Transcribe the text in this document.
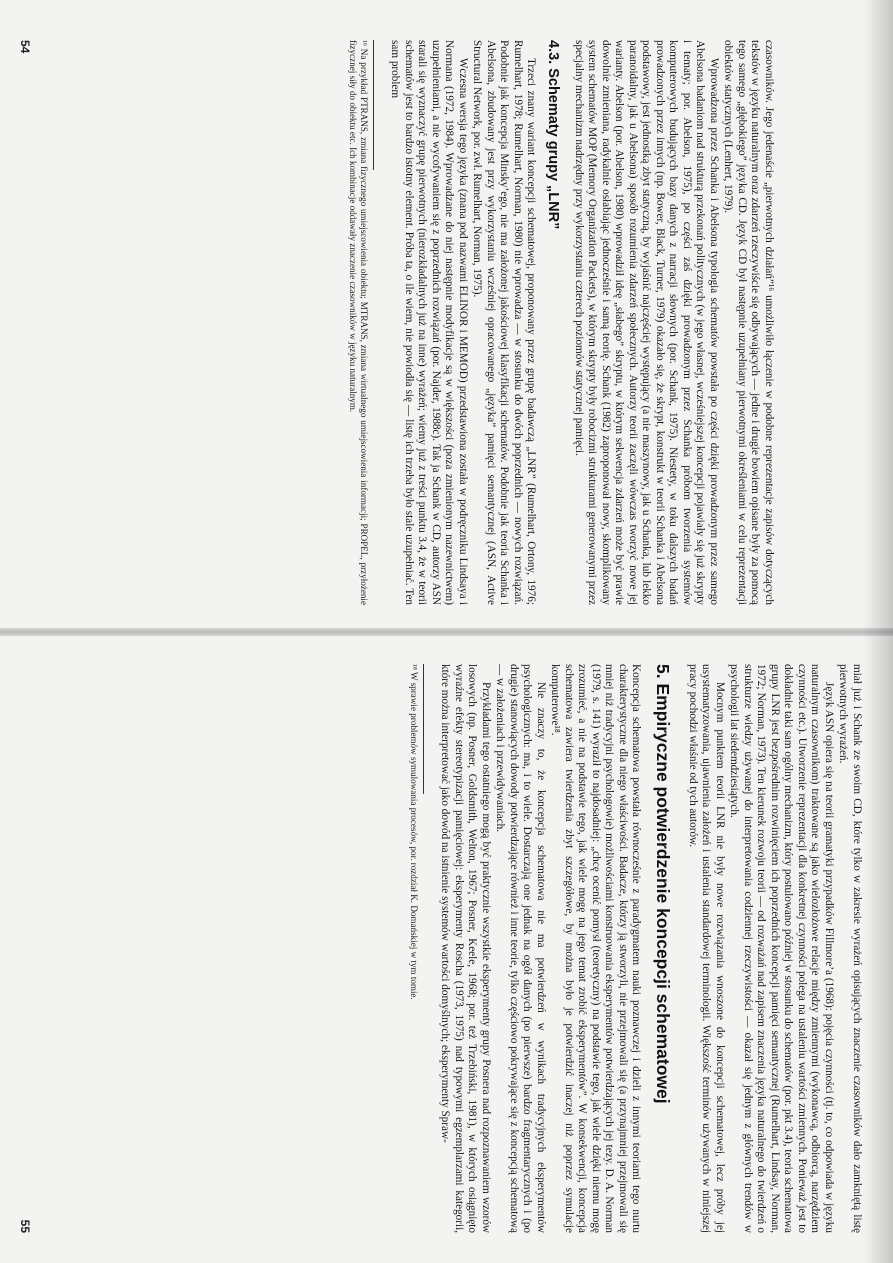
czasowników. Jego jedenaście „pierwotnych działań”¹⁶ umożliwiło łączenie w podobne reprezentacje zapisów dotyczących tekstów w języku naturalnym oraz zdarzeń rzeczywiście się odbywających — jedne i drugie bowiem opisane były za pomocą tego samego „głębokiego” języka CD. Język CD był następnie uzupełniany pierwotnymi określeniami w celu reprezentacji obiektów statycznych (Lenhert, 1979).

Wprowadzona przez Schanka i Abelsona typologia schematów powstała po części dzięki prowadzonym przez samego Abelsona badaniom nad strukturą przekonań politycznych (w jego własnej, wcześniejszej koncepcji pojawiały się już skrypty i tematy; por. Abelson, 1975), po części zaś dzięki prowadzonym przez Schanka próbom tworzenia systemów komputerowych budujących bazy danych z narracji słownych (por. Schank, 1975). Niestety, w toku dalszych badań prowadzonych przez innych (np. Bower, Black, Turner, 1979) okazało się, że skrypt, konstrukt w teorii Schanka i Abelsona podstawowy, jest jednostką zbyt statyczną, by wyjaśnić najczęściej występujący (a nie maszynowy, jak u Schanka, lub lekko paranoidalny, jak u Abelsona) sposób rozumienia zdarzeń społecznych. Autorzy teorii zaczęli wówczas tworzyć nowe jej warianty. Abelson (por. Abelson, 1980) wprowadził ideę „słabego” skryptu, w którym sekwencja zdarzeń może być prawie dowolnie zmieniana, radykalnie osłabiając jednocześnie i samą teorię. Schank (1982) zaproponował nowy, skomplikowany system schematów MOP (Memory Organization Packets), w którym skrypty były robocizmi strukturami generowanymi przez specjalny mechanizm nadrzędny przy wykorzystaniu czterech poziomów statycznej pamięci.

4.3. Schematy grupy „LNR”

Trzeci znany wariant koncepcji schematowej, proponowany przez grupę badawczą „LNR” (Rumelhart, Ortony, 1976; Rumelhart, 1978; Rumelhart, Norman, 1980) nie wprowadza — w stosunku do dwóch poprzednich — nowych rozwiązań. Podobnie jak koncepcja Minsky’ego, nie ma założonej jakościowej klasyfikacji schematów. Podobnie jak teoria Schanka i Abelsona, zbudowany jest przy wykorzystaniu wcześniej opracowanego „języka” pamięci semantycznej (ASN, Active Structural Network, por. zwł. Rumelhart, Norman, 1975).

Wczesna wersja tego języka (znana pod nazwami ELINOR i MEMOD) przedstawiona została w podręczniku Lindsaya i Normana (1972, 1984). Wprowadzane do niej następnie modyfikacje są w większości (poza zmienionym nazewnictwem) uzupełnieniami, a nie wycofywaniem się z poprzednich rozwiązań (por. Najder, 1988c). Tak ja Schank w CD, autorzy ASN starali się wyznaczyć grupę pierwotnych (nierozkładalnych już na inne) wyrażeń; wiemy już z treści punktu 3.4, że w teorii schematów jest to bardzo istotny element. Próba ta, o ile wiem, nie powiodła się — listę ich trzeba było stale uzupełniać. Ten sam problem

¹⁶ Na przykład PTRANS, zmiana fizycznego umiejscowienia obiektu; MTRANS, zmiana wirtualnego umiejscowienia informacji; PROPEL, przyłożenie fizycznej siły do obiektu etc. Ich kombinacje oddawały znaczenie czasowników w języku naturalnym.

54

miał już i Schank ze swoim CD, które tylko w zakresie wyrażeń opisujących znaczenie czasowników dało zamkniętą listę pierwotnych wyrażeń.

Język ASN opiera się na teorii gramatyki przypadków Fillmore’a (1968): pojęcia czynności (tj. to, co odpowiada w języku naturalnym czasownikom) traktowane są jako wielozłożowe relacje między zmiennymi (wykonawcą, odbiorcą, narzędziem czynności etc.). Utworzenie reprezentacji dla konkretnej czynności polega na ustaleniu wartości zmiennych. Ponieważ jest to dokładnie taki sam ogólny mechanizm, który postulowano później w stosunku do schematów (por. pkt 3.4), teoria schematowa grupy LNR jest bezpośrednim rozwinięciem ich poprzednich koncepcji pamięci semantycznej (Rumelhart, Lindsay, Norman, 1972; Norman, 1973). Ten kierunek rozwoju teorii — od rozważań nad zapisem znaczenia języka naturalnego do twierdzeń o strukturze wiedzy używanej do interpretowania codziennej rzeczywistości — okazał się jednym z głównych trendów w psychologii lat siedemdziesiątych.

Mocnym punktem teorii LNR nie były nowe rozwiązania wnoszone do koncepcji schematowej, lecz próby jej usystematyzowania, ujawnienia założeń i ustalenia standardowej terminologii. Większość terminów używanych w niniejszej pracy pochodzi właśnie od tych autorów.

5. Empiryczne potwierdzenie koncepcji schematowej

Koncepcja schematowa powstała równocześnie z paradygmatem nauki poznawczej i dzieli z innymi teoriami tego nurtu charakterystyczne dla niego właściwości. Badacze, którzy ją stworzyli, nie przejmowali się (a przynajmniej przejmowali się mniej niż tradycyjni psychologowie) możliwościami konstruowania eksperymentów potwierdzających jej tezy. D. A. Norman (1979, s. 141) wyraził to najdosadniej: „chcę ocenić pomysł (teoretyczny) na podstawie tego, jak wiele dzięki niemu mogę zrozumieć, a nie na podstawie tego, jak wiele mogę na jego temat zrobić eksperymentów”. W konsekwencji, koncepcja schematowa zawiera twierdzenia zbyt szczegółowe, by można było je potwierdzić inaczej niż poprzez symulacje komputerowe¹⁸.

Nie znaczy to, że koncepcja schematowa nie ma potwierdzeń w wynikach tradycyjnych eksperymentów psychologicznych: ma, i to wiele. Dostarczają one jednak na ogół danych (po pierwsze) bardzo fragmentarycznych i (po drugie) stanowiących dowody potwierdzające również i inne teorie, tylko częściowo pokrywające się z koncepcją schematową — w założeniach i przewidywaniach.

Przykładami tego ostatniego mogą być praktycznie wszystkie eksperymenty grupy Posnera nad rozpoznawaniem wzorów losowych (np. Posner, Goldsmith, Welton, 1967; Posner, Keele, 1968; por. też Trzebiński, 1981), w których osiągnięto wyraźne efekty stereotypizacji pamięciowej: eksperymenty Roscha (1973, 1975) nad typowymi egzemplarzami kategorii, które można interpretować jako dowód na istnienie systemów wartości domyślnych; eksperymenty Spraw-

¹⁸ W sprawie problemów symulowania procesów, por. rozdział K. Domańskiej w tym tomie.

55
